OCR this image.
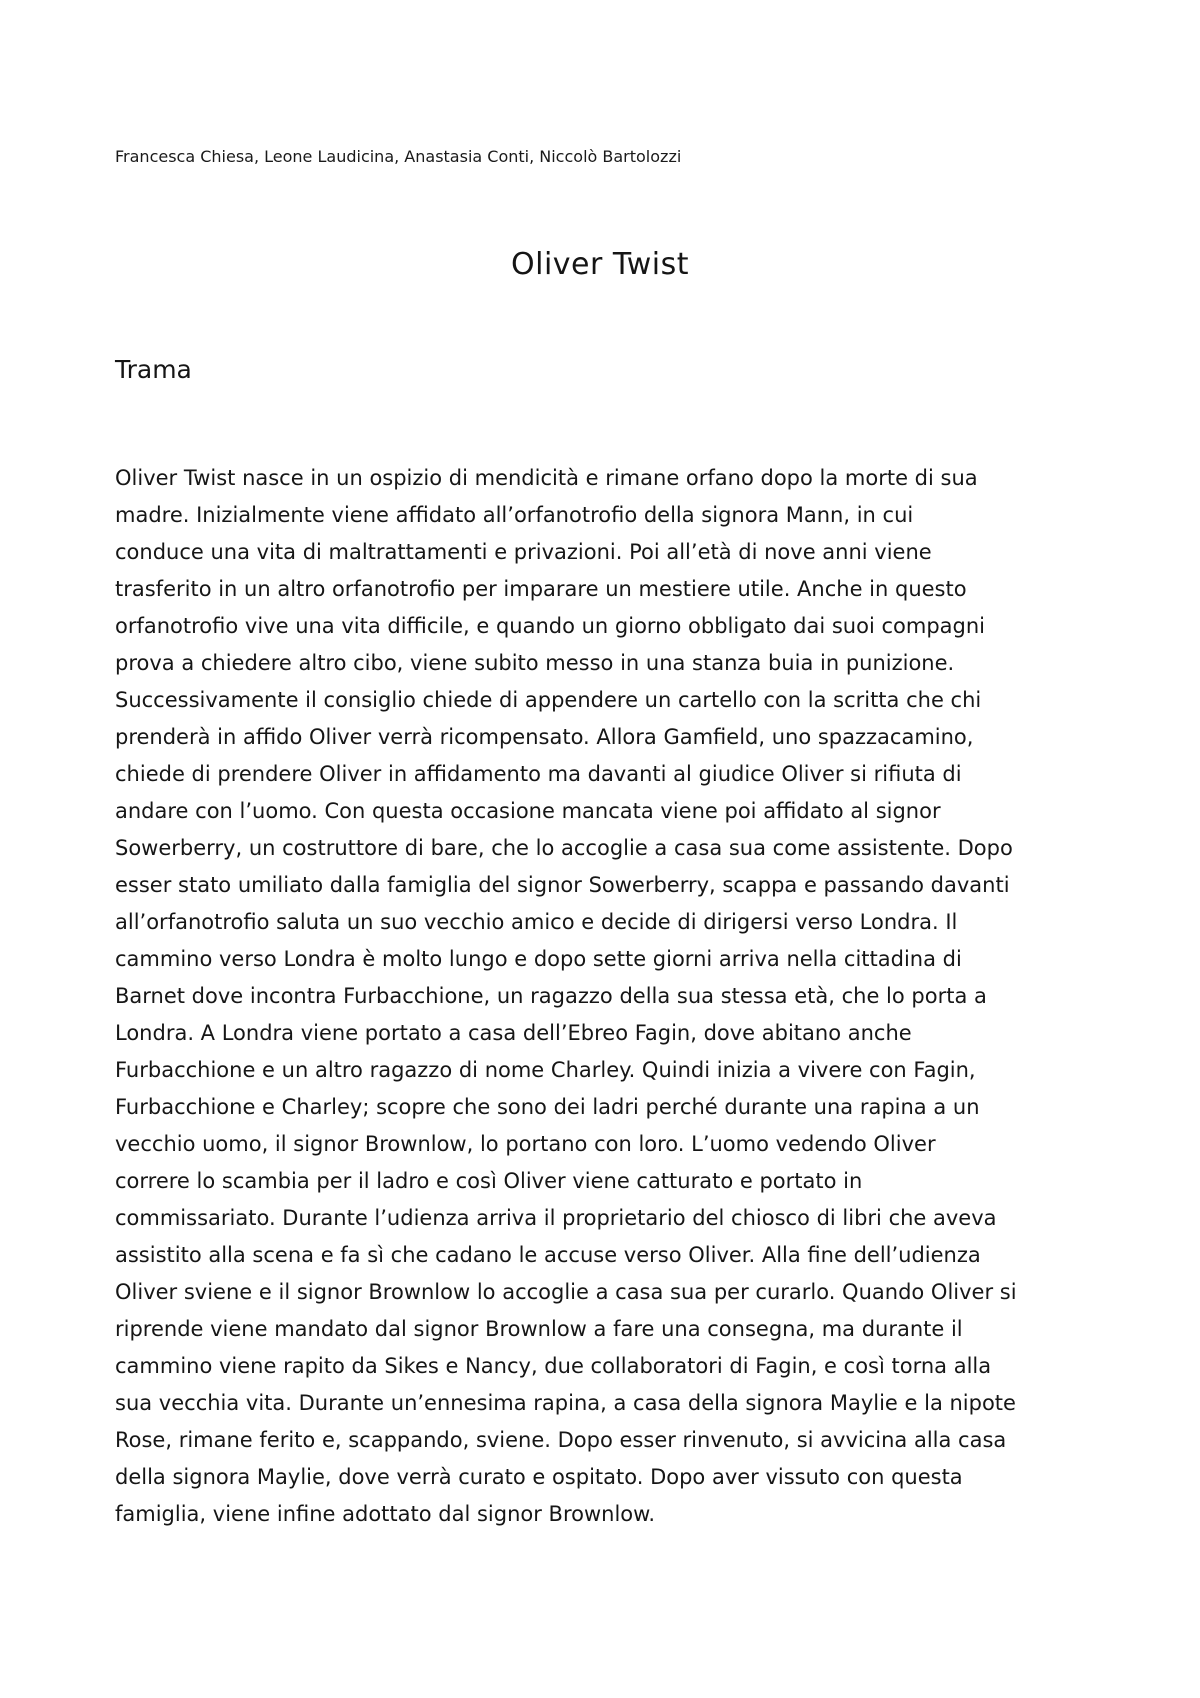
Francesca Chiesa, Leone Laudicina, Anastasia Conti, Niccolò Bartolozzi
Oliver Twist
Trama
Oliver Twist nasce in un ospizio di mendicità e rimane orfano dopo la morte di sua
madre. Inizialmente viene affidato all’orfanotrofio della signora Mann, in cui
conduce una vita di maltrattamenti e privazioni. Poi all’età di nove anni viene
trasferito in un altro orfanotrofio per imparare un mestiere utile. Anche in questo
orfanotrofio vive una vita difficile, e quando un giorno obbligato dai suoi compagni
prova a chiedere altro cibo, viene subito messo in una stanza buia in punizione.
Successivamente il consiglio chiede di appendere un cartello con la scritta che chi
prenderà in affido Oliver verrà ricompensato. Allora Gamfield, uno spazzacamino,
chiede di prendere Oliver in affidamento ma davanti al giudice Oliver si rifiuta di
andare con l’uomo. Con questa occasione mancata viene poi affidato al signor
Sowerberry, un costruttore di bare, che lo accoglie a casa sua come assistente. Dopo
esser stato umiliato dalla famiglia del signor Sowerberry, scappa e passando davanti
all’orfanotrofio saluta un suo vecchio amico e decide di dirigersi verso Londra. Il
cammino verso Londra è molto lungo e dopo sette giorni arriva nella cittadina di
Barnet dove incontra Furbacchione, un ragazzo della sua stessa età, che lo porta a
Londra. A Londra viene portato a casa dell’Ebreo Fagin, dove abitano anche
Furbacchione e un altro ragazzo di nome Charley. Quindi inizia a vivere con Fagin,
Furbacchione e Charley; scopre che sono dei ladri perché durante una rapina a un
vecchio uomo, il signor Brownlow, lo portano con loro. L’uomo vedendo Oliver
correre lo scambia per il ladro e così Oliver viene catturato e portato in
commissariato. Durante l’udienza arriva il proprietario del chiosco di libri che aveva
assistito alla scena e fa sì che cadano le accuse verso Oliver. Alla fine dell’udienza
Oliver sviene e il signor Brownlow lo accoglie a casa sua per curarlo. Quando Oliver si
riprende viene mandato dal signor Brownlow a fare una consegna, ma durante il
cammino viene rapito da Sikes e Nancy, due collaboratori di Fagin, e così torna alla
sua vecchia vita. Durante un’ennesima rapina, a casa della signora Maylie e la nipote
Rose, rimane ferito e, scappando, sviene. Dopo esser rinvenuto, si avvicina alla casa
della signora Maylie, dove verrà curato e ospitato. Dopo aver vissuto con questa
famiglia, viene infine adottato dal signor Brownlow.
